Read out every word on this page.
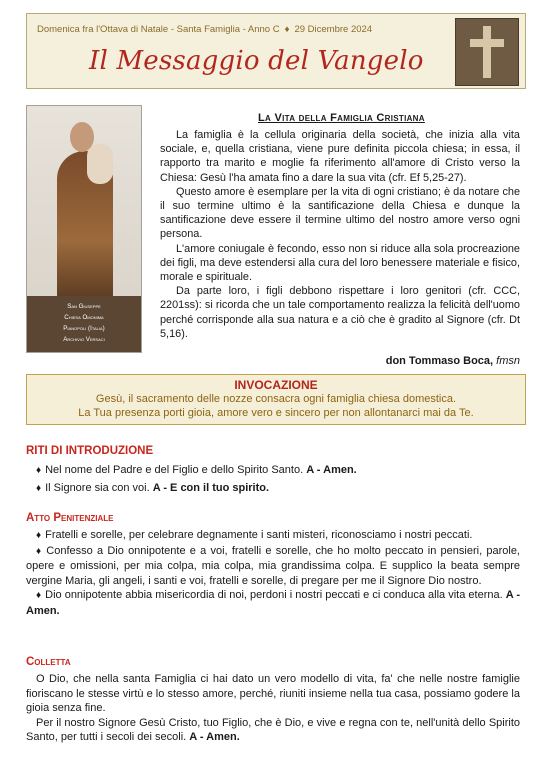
Domenica fra l'Ottava di Natale - Santa Famiglia - Anno C ♦ 29 Dicembre 2024
Il Messaggio del Vangelo
San Giuseppe
Chiesa Omonima
Pianopoli (Italia)
Archivio Versaci
La Vita della Famiglia Cristiana

La famiglia è la cellula originaria della società, che inizia alla vita sociale, e, quella cristiana, viene pure definita piccola chiesa; in essa, il rapporto tra marito e moglie fa riferimento all'amore di Cristo verso la Chiesa: Gesù l'ha amata fino a dare la sua vita (cfr. Ef 5,25-27).

Questo amore è esemplare per la vita di ogni cristiano; è da notare che il suo termine ultimo è la santificazione della Chiesa e dunque la santificazione deve essere il termine ultimo del nostro amore verso ogni persona.

L'amore coniugale è fecondo, esso non si riduce alla sola procreazione dei figli, ma deve estendersi alla cura del loro benessere materiale e fisico, morale e spirituale.

Da parte loro, i figli debbono rispettare i loro genitori (cfr. CCC, 2201ss): si ricorda che un tale comportamento realizza la felicità dell'uomo perché corrisponde alla sua natura e a ciò che è gradito al Signore (cfr. Dt 5,16).

don Tommaso Boca, fmsn
INVOCAZIONE
Gesù, il sacramento delle nozze consacra ogni famiglia chiesa domestica.
La Tua presenza porti gioia, amore vero e sincero per non allontanarci mai da Te.
RITI DI INTRODUZIONE
♦ Nel nome del Padre e del Figlio e dello Spirito Santo. A - Amen.
♦ Il Signore sia con voi. A - E con il tuo spirito.
Atto Penitenziale

♦ Fratelli e sorelle, per celebrare degnamente i santi misteri, riconosciamo i nostri peccati.

♦ Confesso a Dio onnipotente e a voi, fratelli e sorelle, che ho molto peccato in pensieri, parole, opere e omissioni, per mia colpa, mia colpa, mia grandissima colpa. E supplico la beata sempre vergine Maria, gli angeli, i santi e voi, fratelli e sorelle, di pregare per me il Signore Dio nostro.

♦ Dio onnipotente abbia misericordia di noi, perdoni i nostri peccati e ci conduca alla vita eterna. A - Amen.

Colletta

O Dio, che nella santa Famiglia ci hai dato un vero modello di vita, fa' che nelle nostre famiglie fioriscano le stesse virtù e lo stesso amore, perché, riuniti insieme nella tua casa, possiamo godere la gioia senza fine.

Per il nostro Signore Gesù Cristo, tuo Figlio, che è Dio, e vive e regna con te, nell'unità dello Spirito Santo, per tutti i secoli dei secoli. A - Amen.
